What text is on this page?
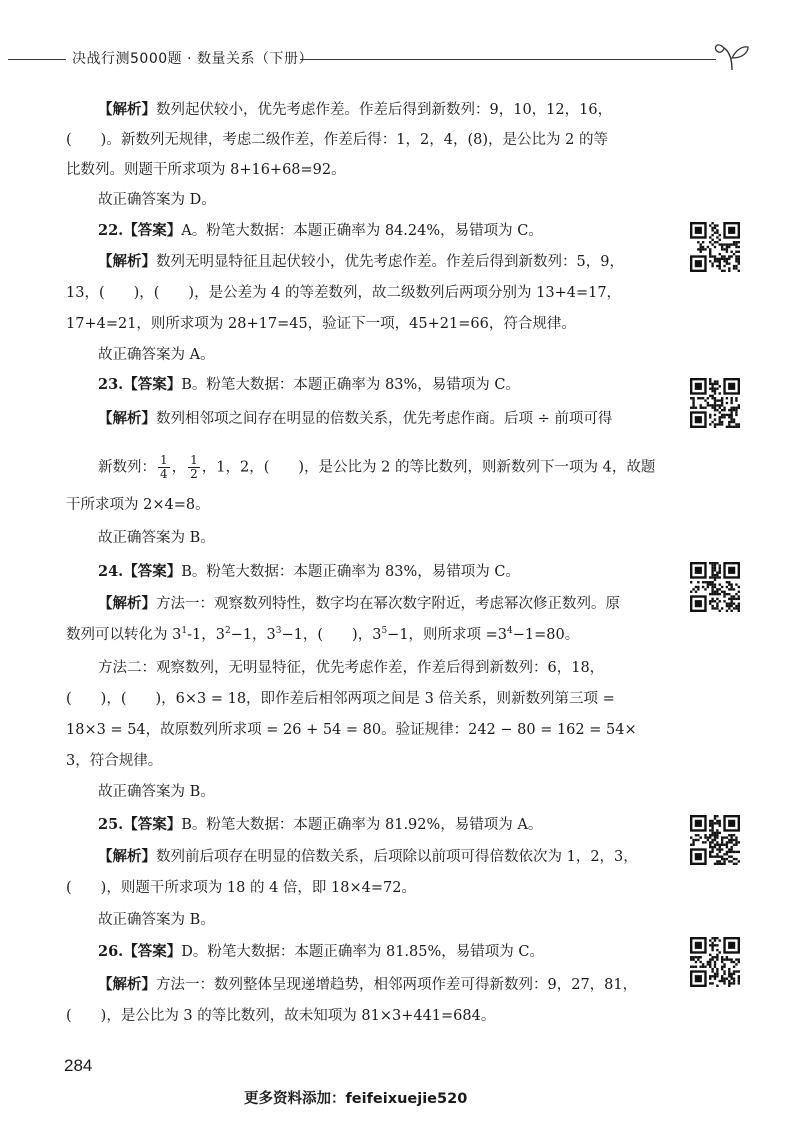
决战行测5000题 · 数量关系（下册）
【解析】数列起伏较小，优先考虑作差。作差后得到新数列：9，10，12，16，
(　　)。新数列无规律，考虑二级作差，作差后得：1，2，4，(8)，是公比为 2 的等
比数列。则题干所求项为 8+16+68=92。
故正确答案为 D。
22.【答案】A。粉笔大数据：本题正确率为 84.24%，易错项为 C。
【解析】数列无明显特征且起伏较小，优先考虑作差。作差后得到新数列：5，9，
13，(　　)，(　　)，是公差为 4 的等差数列，故二级数列后两项分别为 13+4=17，
17+4=21，则所求项为 28+17=45，验证下一项，45+21=66，符合规律。
故正确答案为 A。
23.【答案】B。粉笔大数据：本题正确率为 83%，易错项为 C。
【解析】数列相邻项之间存在明显的倍数关系，优先考虑作商。后项 ÷ 前项可得
干所求项为 2×4=8。
故正确答案为 B。
24.【答案】B。粉笔大数据：本题正确率为 83%，易错项为 C。
【解析】方法一：观察数列特性，数字均在幂次数字附近，考虑幂次修正数列。原
方法二：观察数列，无明显特征，优先考虑作差，作差后得到新数列：6，18，
(　　)，(　　)，6×3 = 18，即作差后相邻两项之间是 3 倍关系，则新数列第三项 =
18×3 = 54，故原数列所求项 = 26 + 54 = 80。验证规律：242 − 80 = 162 = 54×
3，符合规律。
故正确答案为 B。
25.【答案】B。粉笔大数据：本题正确率为 81.92%，易错项为 A。
【解析】数列前后项存在明显的倍数关系，后项除以前项可得倍数依次为 1，2，3，
(　　)，则题干所求项为 18 的 4 倍，即 18×4=72。
故正确答案为 B。
26.【答案】D。粉笔大数据：本题正确率为 81.85%，易错项为 C。
【解析】方法一：数列整体呈现递增趋势，相邻两项作差可得新数列：9，27，81，
(　　)，是公比为 3 的等比数列，故未知项为 81×3+441=684。
新数列： $\frac{1}{4}$ ， $\frac{1}{2}$ ，1，2，(　　)，是公比为 2 的等比数列，则新数列下一项为 4，故题
数列可以转化为 $3^1-1$，$3^2-1$，$3^3-1$，(　　)，$3^5-1$，则所求项 $=3^4-1=80$。
284
更多资料添加：feifeixuejie520
